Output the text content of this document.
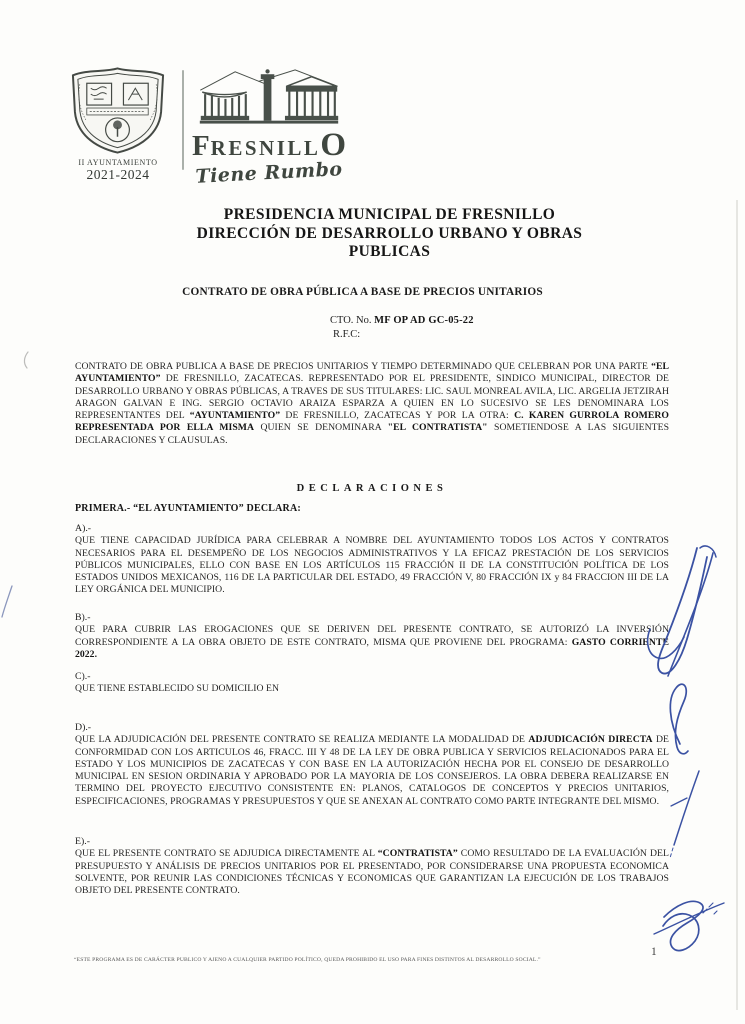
II AYUNTAMIENTO
2021-2024
F RESNILL O
Tiene Rumbo
PRESIDENCIA MUNICIPAL DE FRESNILLO
DIRECCIÓN DE DESARROLLO URBANO Y OBRAS
PUBLICAS
CONTRATO DE OBRA PÚBLICA A BASE DE PRECIOS UNITARIOS
CTO. No. MF OP AD GC-05-22
R.F.C:

CONTRATO DE OBRA PUBLICA A BASE DE PRECIOS UNITARIOS Y TIEMPO DETERMINADO QUE CELEBRAN POR UNA PARTE “EL AYUNTAMIENTO” DE FRESNILLO, ZACATECAS. REPRESENTADO POR EL PRESIDENTE, SINDICO MUNICIPAL, DIRECTOR DE DESARROLLO URBANO Y OBRAS PÚBLICAS, A TRAVES DE SUS TITULARES: LIC. SAUL MONREAL AVILA, LIC. ARGELIA JETZIRAH ARAGON GALVAN E ING. SERGIO OCTAVIO ARAIZA ESPARZA A QUIEN EN LO SUCESIVO SE LES DENOMINARA LOS REPRESENTANTES DEL “AYUNTAMIENTO” DE FRESNILLO, ZACATECAS Y POR LA OTRA: C. KAREN GURROLA ROMERO REPRESENTADA POR ELLA MISMA QUIEN SE DENOMINARA "EL CONTRATISTA" SOMETIENDOSE A LAS SIGUIENTES DECLARACIONES Y CLAUSULAS.

DECLARACIONES
PRIMERA.- “EL AYUNTAMIENTO” DECLARA:
A).-

QUE TIENE CAPACIDAD JURÍDICA PARA CELEBRAR A NOMBRE DEL AYUNTAMIENTO TODOS LOS ACTOS Y CONTRATOS NECESARIOS PARA EL DESEMPEÑO DE LOS NEGOCIOS ADMINISTRATIVOS Y LA EFICAZ PRESTACIÓN DE LOS SERVICIOS PÚBLICOS MUNICIPALES, ELLO CON BASE EN LOS ARTÍCULOS 115 FRACCIÓN II DE LA CONSTITUCIÓN POLÍTICA DE LOS ESTADOS UNIDOS MEXICANOS, 116 DE LA PARTICULAR DEL ESTADO, 49 FRACCIÓN V, 80 FRACCIÓN IX y 84 FRACCION III DE LA LEY ORGÁNICA DEL MUNICIPIO.

B).-

QUE PARA CUBRIR LAS EROGACIONES QUE SE DERIVEN DEL PRESENTE CONTRATO, SE AUTORIZÓ LA INVERSIÓN CORRESPONDIENTE A LA OBRA OBJETO DE ESTE CONTRATO, MISMA QUE PROVIENE DEL PROGRAMA: GASTO CORRIENTE 2022.

C).-

QUE TIENE ESTABLECIDO SU DOMICILIO EN

D).-

QUE LA ADJUDICACIÓN DEL PRESENTE CONTRATO SE REALIZA MEDIANTE LA MODALIDAD DE ADJUDICACIÓN DIRECTA DE CONFORMIDAD CON LOS ARTICULOS 46, FRACC. III Y 48 DE LA LEY DE OBRA PUBLICA Y SERVICIOS RELACIONADOS PARA EL ESTADO Y LOS MUNICIPIOS DE ZACATECAS Y CON BASE EN LA AUTORIZACIÓN HECHA POR EL CONSEJO DE DESARROLLO MUNICIPAL EN SESION ORDINARIA Y APROBADO POR LA MAYORIA DE LOS CONSEJEROS. LA OBRA DEBERA REALIZARSE EN TERMINO DEL PROYECTO EJECUTIVO CONSISTENTE EN: PLANOS, CATALOGOS DE CONCEPTOS Y PRECIOS UNITARIOS, ESPECIFICACIONES, PROGRAMAS Y PRESUPUESTOS Y QUE SE ANEXAN AL CONTRATO COMO PARTE INTEGRANTE DEL MISMO.

E).-

QUE EL PRESENTE CONTRATO SE ADJUDICA DIRECTAMENTE AL “CONTRATISTA” COMO RESULTADO DE LA EVALUACIÓN DEL PRESUPUESTO Y ANÁLISIS DE PRECIOS UNITARIOS POR EL PRESENTADO, POR CONSIDERARSE UNA PROPUESTA ECONOMICA SOLVENTE, POR REUNIR LAS CONDICIONES TÉCNICAS Y ECONOMICAS QUE GARANTIZAN LA EJECUCIÓN DE LOS TRABAJOS OBJETO DEL PRESENTE CONTRATO.

“ESTE PROGRAMA ES DE CARÁCTER PUBLICO Y AJENO A CUALQUIER PARTIDO POLÍTICO, QUEDA PROHIBIDO EL USO PARA FINES DISTINTOS AL DESARROLLO SOCIAL.”
1
